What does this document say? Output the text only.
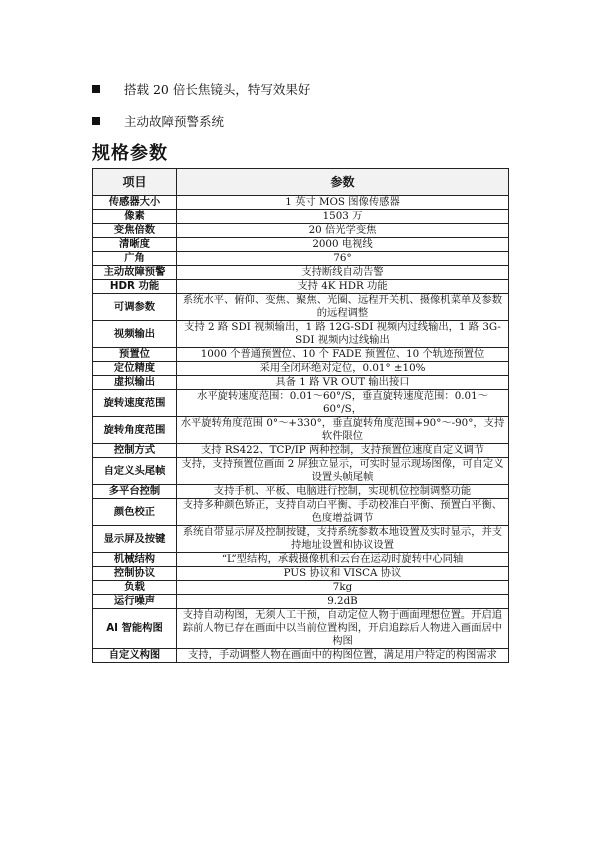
搭载 20 倍长焦镜头，特写效果好
主动故障预警系统
规格参数
项目	参数
传感器大小	1 英寸 MOS 图像传感器
像素	1503 万
变焦倍数	20 倍光学变焦
清晰度	2000 电视线
广角	76°
主动故障预警	支持断线自动告警
HDR 功能	支持 4K HDR 功能
可调参数	系统水平、俯仰、变焦、聚焦、光圈、远程开关机、摄像机菜单及参数的远程调整
视频输出	支持 2 路 SDI 视频输出，1 路 12G-SDI 视频内过线输出，1 路 3G-SDI 视频内过线输出
预置位	1000 个普通预置位、10 个 FADE 预置位、10 个轨迹预置位
定位精度	采用全闭环绝对定位，0.01° ±10%
虚拟输出	具备 1 路 VR OUT 输出接口
旋转速度范围	水平旋转速度范围：0.01～60°/S，垂直旋转速度范围：0.01～60°/S，
旋转角度范围	水平旋转角度范围 0°～+330°，垂直旋转角度范围+90°～-90°，支持软件限位
控制方式	支持 RS422、TCP/IP 两种控制，支持预置位速度自定义调节
自定义头尾帧	支持，支持预置位画面 2 屏独立显示，可实时显示现场图像，可自定义设置头帧尾帧
多平台控制	支持手机、平板、电脑进行控制，实现机位控制调整功能
颜色校正	支持多种颜色矫正，支持自动白平衡、手动校准白平衡、预置白平衡、色度增益调节
显示屏及按键	系统自带显示屏及控制按键，支持系统参数本地设置及实时显示，并支持地址设置和协议设置
机械结构	“L”型结构，承载摄像机和云台在运动时旋转中心同轴
控制协议	PUS 协议和 VISCA 协议
负载	7kg
运行噪声	9.2dB
AI 智能构图	支持自动构图，无须人工干预，自动定位人物于画面理想位置。开启追踪前人物已存在画面中以当前位置构图，开启追踪后人物进入画面居中构图
自定义构图	支持，手动调整人物在画面中的构图位置，满足用户特定的构图需求
